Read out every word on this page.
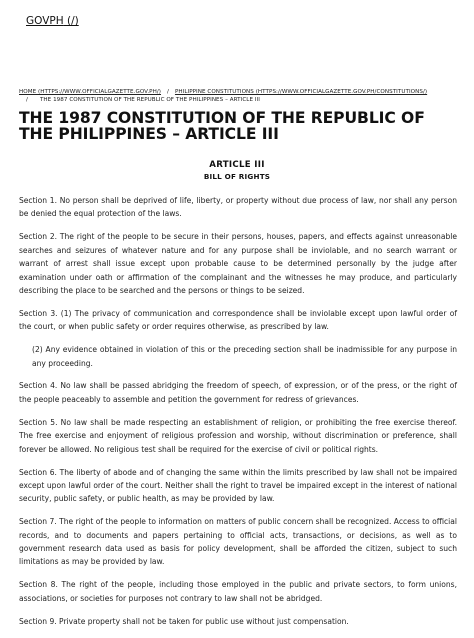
GOVPH (/)
HOME (HTTPS://WWW.OFFICIALGAZETTE.GOV.PH/) / PHILIPPINE CONSTITUTIONS (HTTPS://WWW.OFFICIALGAZETTE.GOV.PH/CONSTITUTIONS/)
/ THE 1987 CONSTITUTION OF THE REPUBLIC OF THE PHILIPPINES – ARTICLE III
THE 1987 CONSTITUTION OF THE REPUBLIC OF THE PHILIPPINES – ARTICLE III
ARTICLE III
BILL OF RIGHTS

Section 1. No person shall be deprived of life, liberty, or property without due process of law, nor shall any person be denied the equal protection of the laws.

Section 2. The right of the people to be secure in their persons, houses, papers, and effects against unreasonable searches and seizures of whatever nature and for any purpose shall be inviolable, and no search warrant or warrant of arrest shall issue except upon probable cause to be determined personally by the judge after examination under oath or affirmation of the complainant and the witnesses he may produce, and particularly describing the place to be searched and the persons or things to be seized.

Section 3. (1) The privacy of communication and correspondence shall be inviolable except upon lawful order of the court, or when public safety or order requires otherwise, as prescribed by law.

(2) Any evidence obtained in violation of this or the preceding section shall be inadmissible for any purpose in any proceeding.

Section 4. No law shall be passed abridging the freedom of speech, of expression, or of the press, or the right of the people peaceably to assemble and petition the government for redress of grievances.

Section 5. No law shall be made respecting an establishment of religion, or prohibiting the free exercise thereof. The free exercise and enjoyment of religious profession and worship, without discrimination or preference, shall forever be allowed. No religious test shall be required for the exercise of civil or political rights.

Section 6. The liberty of abode and of changing the same within the limits prescribed by law shall not be impaired except upon lawful order of the court. Neither shall the right to travel be impaired except in the interest of national security, public safety, or public health, as may be provided by law.

Section 7. The right of the people to information on matters of public concern shall be recognized. Access to official records, and to documents and papers pertaining to official acts, transactions, or decisions, as well as to government research data used as basis for policy development, shall be afforded the citizen, subject to such limitations as may be provided by law.

Section 8. The right of the people, including those employed in the public and private sectors, to form unions, associations, or societies for purposes not contrary to law shall not be abridged.

Section 9. Private property shall not be taken for public use without just compensation.
